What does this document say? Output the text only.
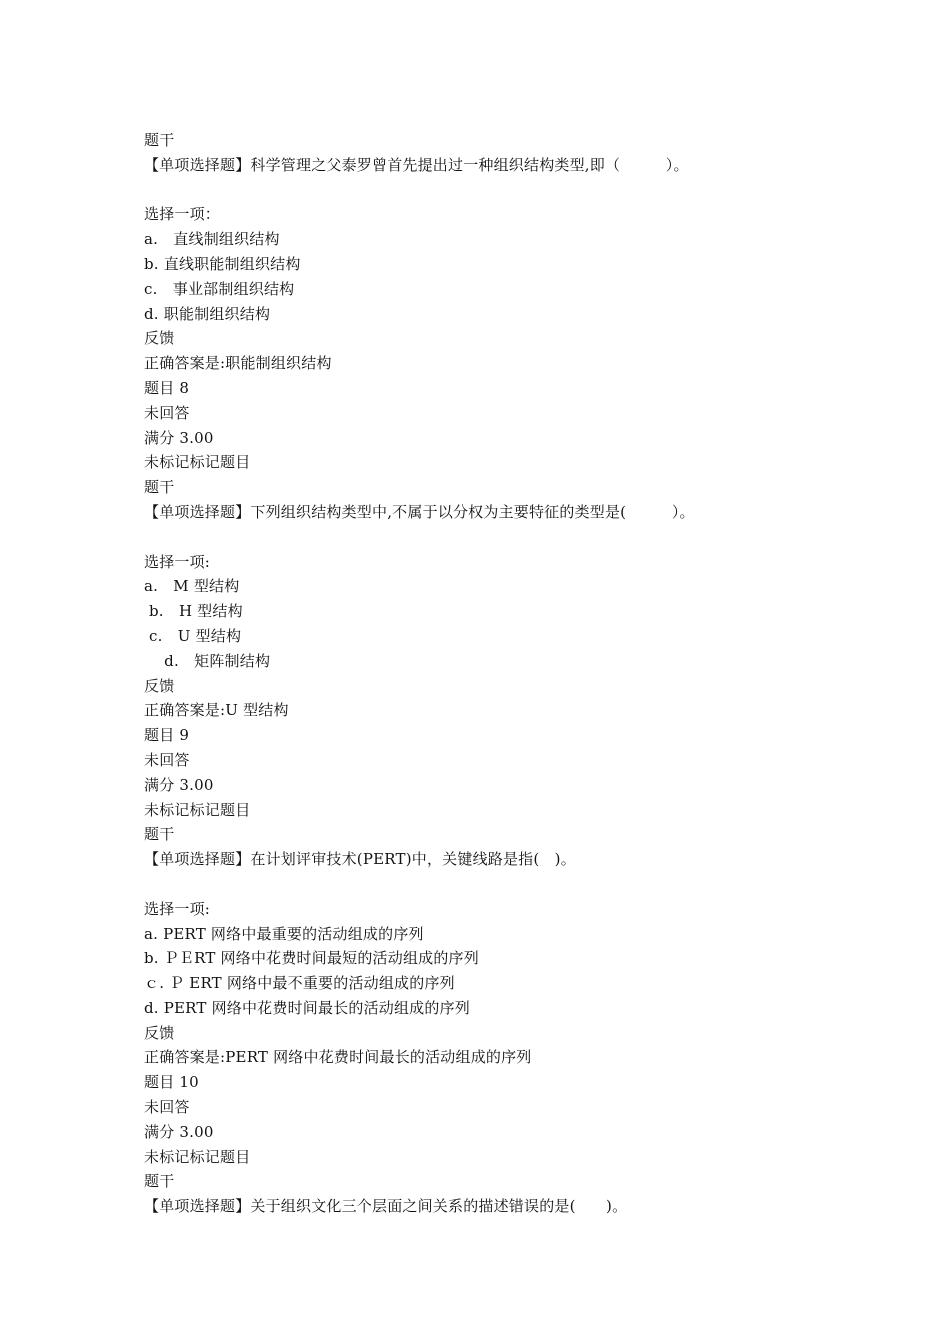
题干
【单项选择题】科学管理之父泰罗曾首先提出过一种组织结构类型,即（　　　）。
选择一项：
a.　直线制组织结构
b. 直线职能制组织结构
c.　事业部制组织结构
d. 职能制组织结构
反馈
正确答案是:职能制组织结构
题目 8
未回答
满分 3.00
未标记标记题目
题干
【单项选择题】下列组织结构类型中,不属于以分权为主要特征的类型是(　　　）。
选择一项:
a.　M 型结构
b.　H 型结构
c.　U 型结构
　 d.　矩阵制结构
反馈
正确答案是:U 型结构
题目 9
未回答
满分 3.00
未标记标记题目
题干
【单项选择题】在计划评审技术(PERT)中，关键线路是指(　)。
选择一项:
a. PERT 网络中最重要的活动组成的序列
b. ＰＥRT 网络中花费时间最短的活动组成的序列
ｃ. Ｐ ERT 网络中最不重要的活动组成的序列
d. PERT 网络中花费时间最长的活动组成的序列
反馈
正确答案是:PERT 网络中花费时间最长的活动组成的序列
题目 10
未回答
满分 3.00
未标记标记题目
题干
【单项选择题】关于组织文化三个层面之间关系的描述错误的是(　　)。
